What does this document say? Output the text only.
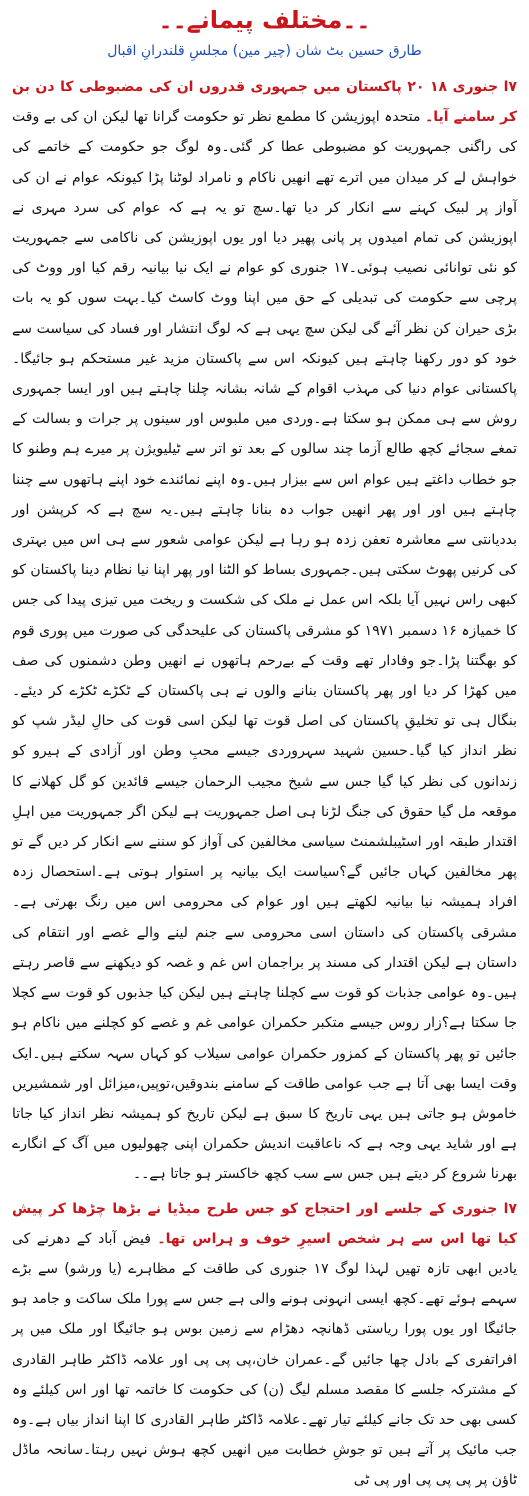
۔۔مختلف پیمانے۔۔
طارق حسین بٹ شان (چیر مین) مجلسِ قلندرانِ اقبال

۷ا جنوری ۱۸ ۲۰ پاکستان میں جمہوری قدروں ان کی مضبوطی کا دن بن کر سامنے آیا۔ متحدہ اپوزیشن کا مطمع نظر تو حکومت گرانا تھا لیکن ان کی بے وقت کی راگنی جمہوریت کو مضبوطی عطا کر گئی۔وہ لوگ جو حکومت کے خاتمے کی خواہش لے کر میدان میں اترے تھے انھیں ناکام و نامراد لوٹنا پڑا کیونکہ عوام نے ان کی آواز پر لبیک کہنے سے انکار کر دیا تھا۔سچ تو یہ ہے کہ عوام کی سرد مہری نے اپوزیشن کی تمام امیدوں پر پانی پھیر دیا اور یوں اپوزیشن کی ناکامی سے جمہوریت کو نئی توانائی نصیب ہوئی۔۱۷ جنوری کو عوام نے ایک نیا بیانیہ رقم کیا اور ووٹ کی پرچی سے حکومت کی تبدیلی کے حق میں اپنا ووٹ کاسٹ کیا۔بہت سوں کو یہ بات بڑی حیران کن نظر آئے گی لیکن سچ یہی ہے کہ لوگ انتشار اور فساد کی سیاست سے خود کو دور رکھنا چاہتے ہیں کیونکہ اس سے پاکستان مزید غیر مستحکم ہو جائیگا۔پاکستانی عوام دنیا کی مہذب اقوام کے شانہ بشانہ چلنا چاہتے ہیں اور ایسا جمہوری روش سے ہی ممکن ہو سکتا ہے۔وردی میں ملبوس اور سینوں پر جرات و بسالت کے تمغے سجائے کچھ طالع آزما چند سالوں کے بعد تو اتر سے ٹیلیویژن پر میرے ہم وطنو کا جو خطاب داغتے ہیں عوام اس سے بیزار ہیں۔وہ اپنے نمائندے خود اپنے ہاتھوں سے چننا چاہتے ہیں اور اور پھر انھیں جواب دہ بنانا چاہتے ہیں۔یہ سچ ہے کہ کرپشن اور بددیانتی سے معاشرہ تعفن زدہ ہو رہا ہے لیکن عوامی شعور سے ہی اس میں بہتری کی کرنیں پھوٹ سکتی ہیں۔جمہوری بساط کو الٹنا اور پھر اپنا نیا نظام دینا پاکستان کو کبھی راس نہیں آیا بلکہ اس عمل نے ملک کی شکست و ریخت میں تیزی پیدا کی جس کا خمیازہ ۱۶ دسمبر ۱۹۷۱ کو مشرقی پاکستان کی علیحدگی کی صورت میں پوری قوم کو بھگتنا پڑا۔جو وفادار تھے وقت کے بےرحم ہاتھوں نے انھیں وطن دشمنوں کی صف میں کھڑا کر دیا اور پھر پاکستان بنانے والوں نے ہی پاکستان کے ٹکڑے ٹکڑے کر دیئے۔بنگال ہی تو تخلیقِ پاکستان کی اصل قوت تھا لیکن اسی قوت کی حالِ لیڈر شپ کو نظر انداز کیا گیا۔حسین شہید سہروردی جیسے محبِ وطن اور آزادی کے ہیرو کو زندانوں کی نظر کیا گیا جس سے شیخ مجیب الرحمان جیسے قائدین کو گل کھلانے کا موقعہ مل گیا حقوق کی جنگ لڑنا ہی اصل جمہوریت ہے لیکن اگر جمہوریت میں اہلِ اقتدار طبقہ اور اسٹیبلشمنٹ سیاسی مخالفین کی آواز کو سننے سے انکار کر دیں گے تو پھر مخالفین کہاں جائیں گے؟سیاست ایک بیانیہ پر استوار ہوتی ہے۔استحصال زدہ افراد ہمیشہ نیا بیانیہ لکھتے ہیں اور عوام کی محرومی اس میں رنگ بھرتی ہے۔مشرقی پاکستان کی داستان اسی محرومی سے جنم لینے والے غصے اور انتقام کی داستان ہے لیکن اقتدار کی مسند پر براجمان اس غم و غصہ کو دیکھنے سے قاصر رہتے ہیں۔وہ عوامی جذبات کو قوت سے کچلنا چاہتے ہیں لیکن کیا جذبوں کو قوت سے کچلا جا سکتا ہے؟زار روس جیسے متکبر حکمران عوامی غم و غصے کو کچلنے میں ناکام ہو جائیں تو پھر پاکستان کے کمزور حکمران عوامی سیلاب کو کہاں سہہ سکتے ہیں۔ایک وقت ایسا بھی آتا ہے جب عوامی طاقت کے سامنے بندوقیں،توپیں،میزائل اور شمشیریں خاموش ہو جاتی ہیں یہی تاریخ کا سبق ہے لیکن تاریخ کو ہمیشہ نظر انداز کیا جاتا ہے اور شاید یہی وجہ ہے کہ ناعاقبت اندیش حکمران اپنی چھولیوں میں آگ کے انگارے بھرنا شروع کر دیتے ہیں جس سے سب کچھ خاکستر ہو جاتا ہے۔۔

۷ا جنوری کے جلسے اور احتجاج کو جس طرح میڈیا نے بڑھا چڑھا کر پیش کیا تھا اس سے ہر شخص اسیرِ خوف و ہراس تھا۔ فیض آباد کے دھرنے کی یادیں ابھی تازہ تھیں لہذا لوگ ۱۷ جنوری کی طاقت کے مظاہرے (یا ورشو) سے بڑے سہمے ہوئے تھے۔کچھ ایسی انہونی ہونے والی ہے جس سے پورا ملک ساکت و جامد ہو جائیگا اور یوں پورا ریاستی ڈھانچہ دھڑام سے زمین بوس ہو جائیگا اور ملک میں پر افراتفری کے بادل چھا جائیں گے۔عمران خان،پی پی پی اور علامہ ڈاکٹر طاہر القادری کے مشترکہ جلسے کا مقصد مسلم لیگ (ن) کی حکومت کا خاتمہ تھا اور اس کیلئے وہ کسی بھی حد تک جانے کیلئے تیار تھے۔علامہ ڈاکٹر طاہر القادری کا اپنا انداز بیاں ہے۔وہ جب مائیک پر آتے ہیں تو جوشِ خطابت میں انھیں کچھ ہوش نہیں رہتا۔سانحہ ماڈل ٹاؤن پر پی پی پی اور پی ٹی
